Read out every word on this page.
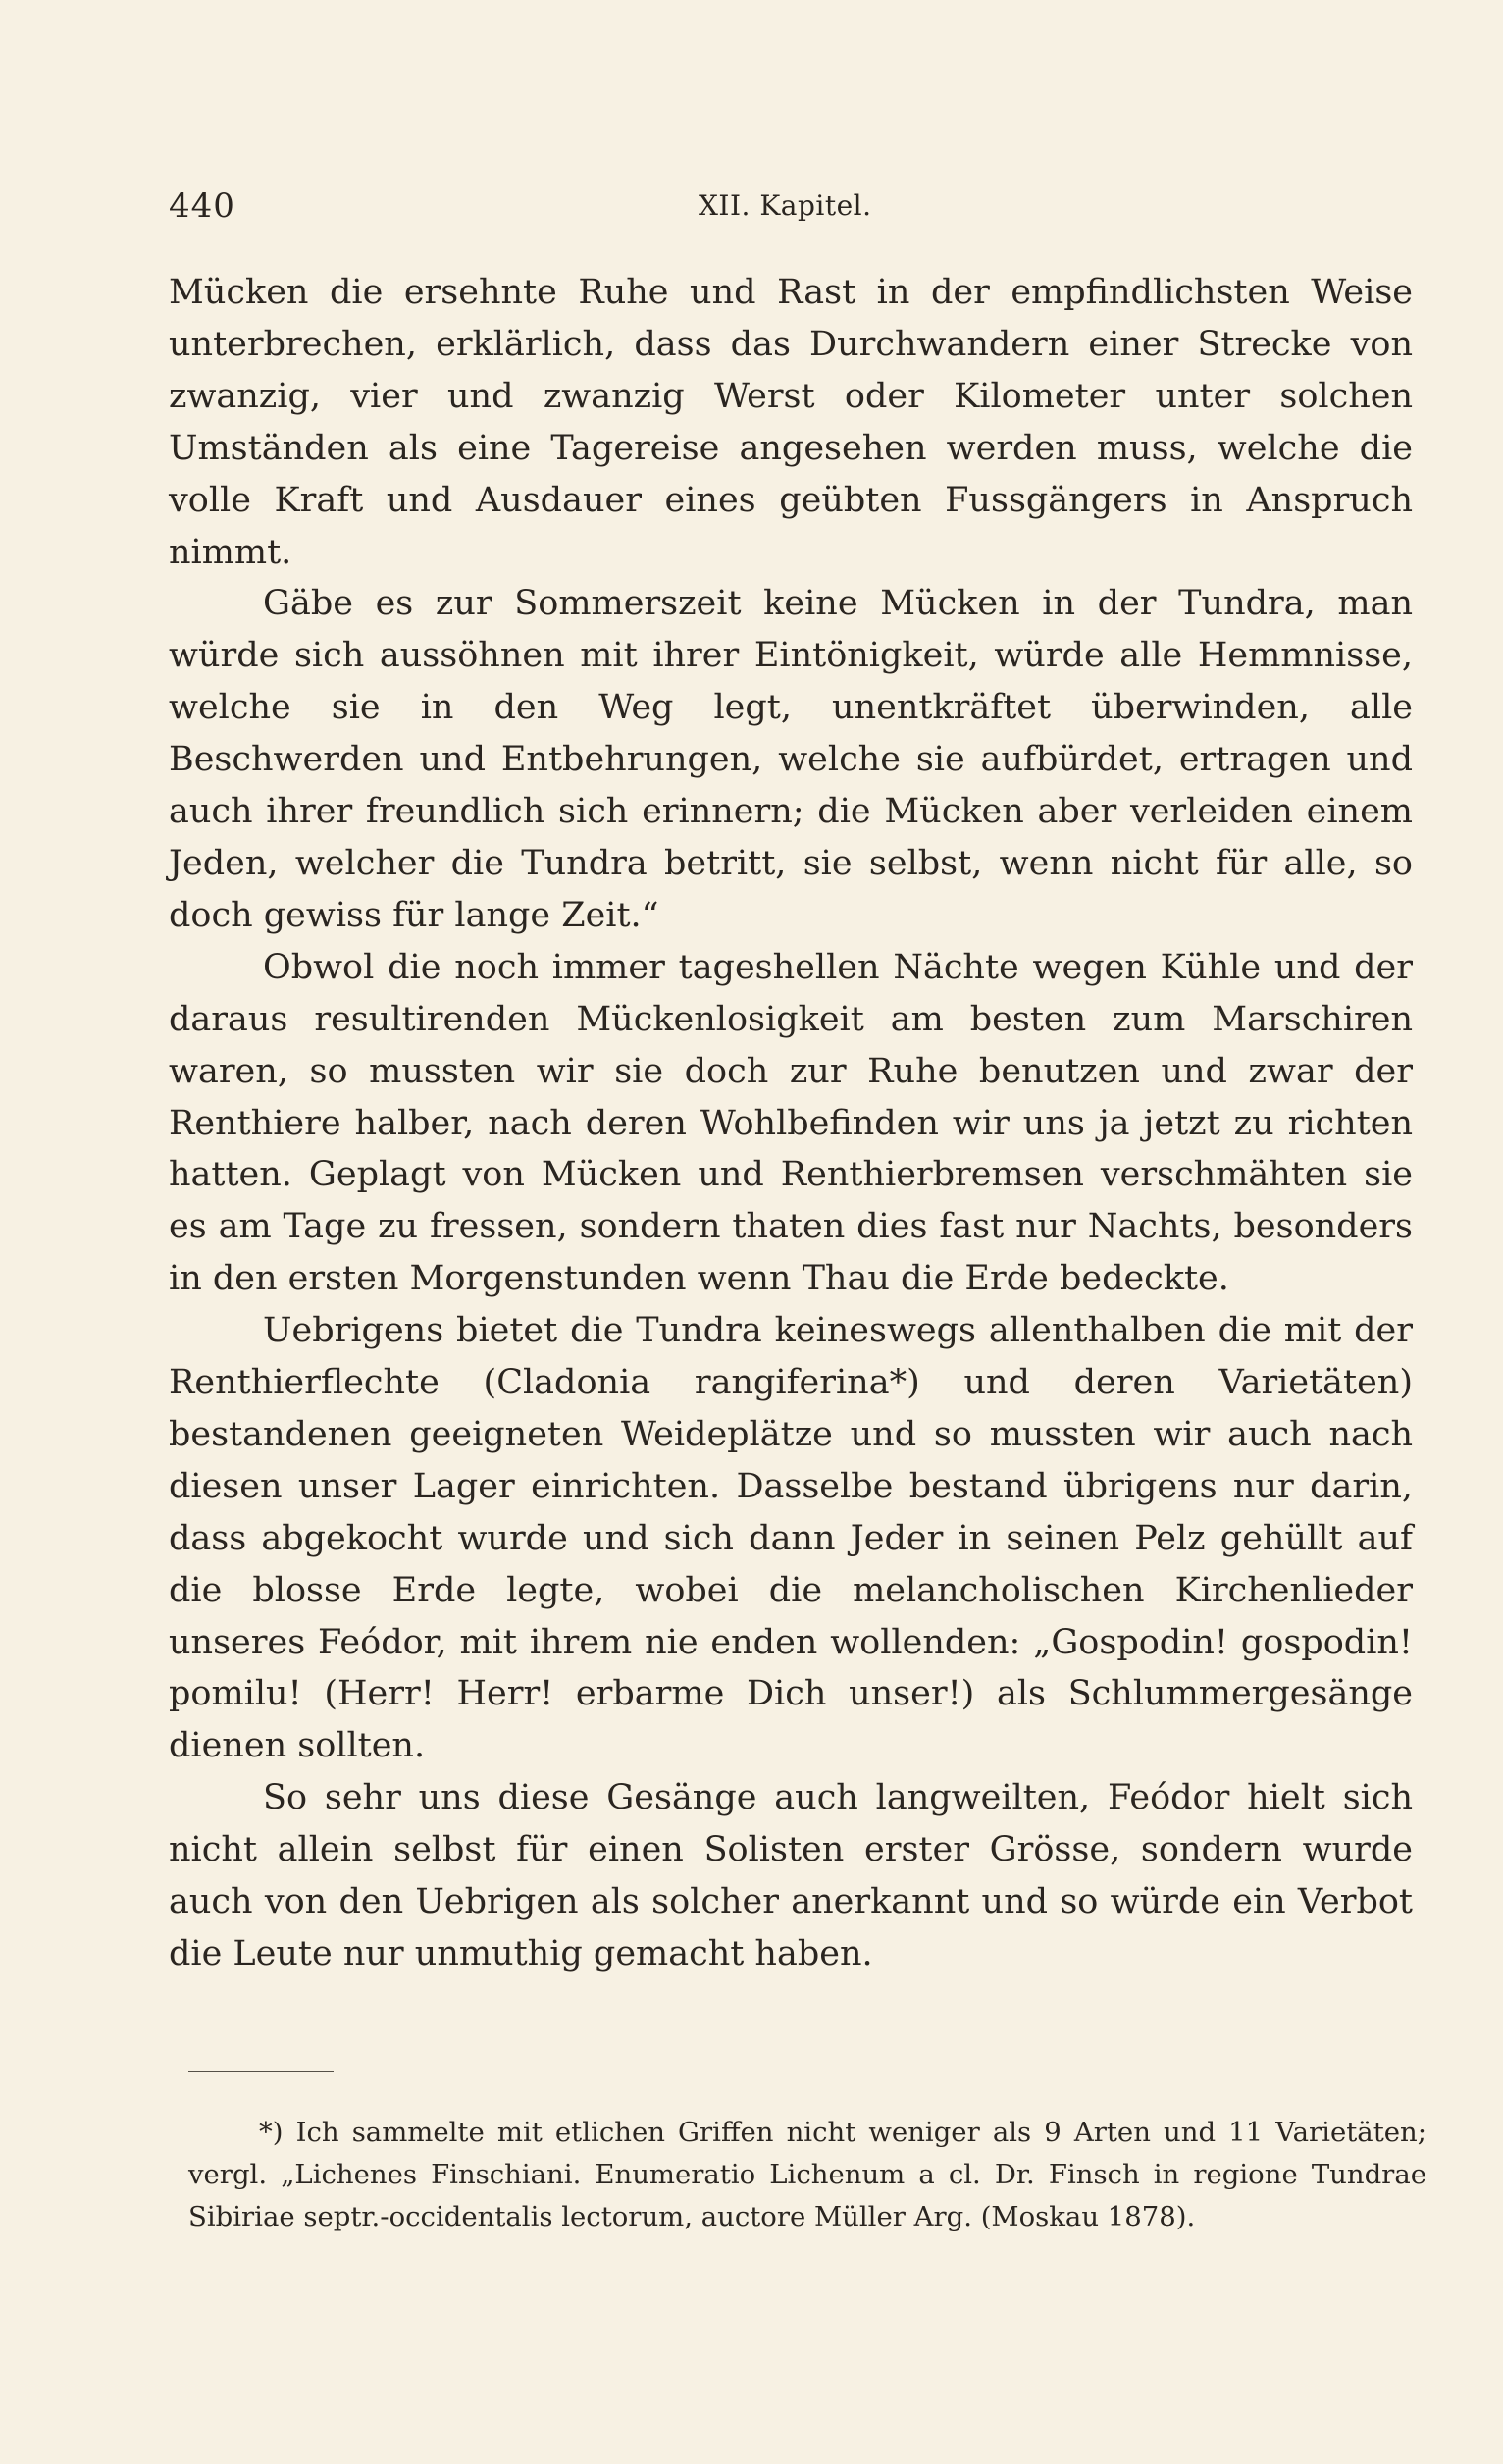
440	XII. Kapitel.

Mücken die ersehnte Ruhe und Rast in der empfindlichsten Weise unterbrechen, erklärlich, dass das Durchwandern einer Strecke von zwanzig, vier und zwanzig Werst oder Kilometer unter solchen Umständen als eine Tagereise angesehen werden muss, welche die volle Kraft und Ausdauer eines geübten Fussgängers in Anspruch nimmt.

Gäbe es zur Sommerszeit keine Mücken in der Tundra, man würde sich aussöhnen mit ihrer Eintönigkeit, würde alle Hemmnisse, welche sie in den Weg legt, unentkräftet überwinden, alle Beschwerden und Entbehrungen, welche sie aufbürdet, ertragen und auch ihrer freundlich sich erinnern; die Mücken aber verleiden einem Jeden, welcher die Tundra betritt, sie selbst, wenn nicht für alle, so doch gewiss für lange Zeit.“

Obwol die noch immer tageshellen Nächte wegen Kühle und der daraus resultirenden Mückenlosigkeit am besten zum Marschiren waren, so mussten wir sie doch zur Ruhe benutzen und zwar der Renthiere halber, nach deren Wohlbefinden wir uns ja jetzt zu richten hatten. Geplagt von Mücken und Renthierbremsen verschmähten sie es am Tage zu fressen, sondern thaten dies fast nur Nachts, besonders in den ersten Morgenstunden wenn Thau die Erde bedeckte.

Uebrigens bietet die Tundra keineswegs allenthalben die mit der Renthierflechte (Cladonia rangiferina*) und deren Varietäten) bestandenen geeigneten Weideplätze und so mussten wir auch nach diesen unser Lager einrichten. Dasselbe bestand übrigens nur darin, dass abgekocht wurde und sich dann Jeder in seinen Pelz gehüllt auf die blosse Erde legte, wobei die melancholischen Kirchenlieder unseres Feódor, mit ihrem nie enden wollenden: „Gospodin! gospodin! pomilu! (Herr! Herr! erbarme Dich unser!) als Schlummergesänge dienen sollten.

So sehr uns diese Gesänge auch langweilten, Feódor hielt sich nicht allein selbst für einen Solisten erster Grösse, sondern wurde auch von den Uebrigen als solcher anerkannt und so würde ein Verbot die Leute nur unmuthig gemacht haben.

*) Ich sammelte mit etlichen Griffen nicht weniger als 9 Arten und 11 Varietäten; vergl. „Lichenes Finschiani. Enumeratio Lichenum a cl. Dr. Finsch in regione Tundrae Sibiriae septr.-occidentalis lectorum, auctore Müller Arg. (Moskau 1878).
